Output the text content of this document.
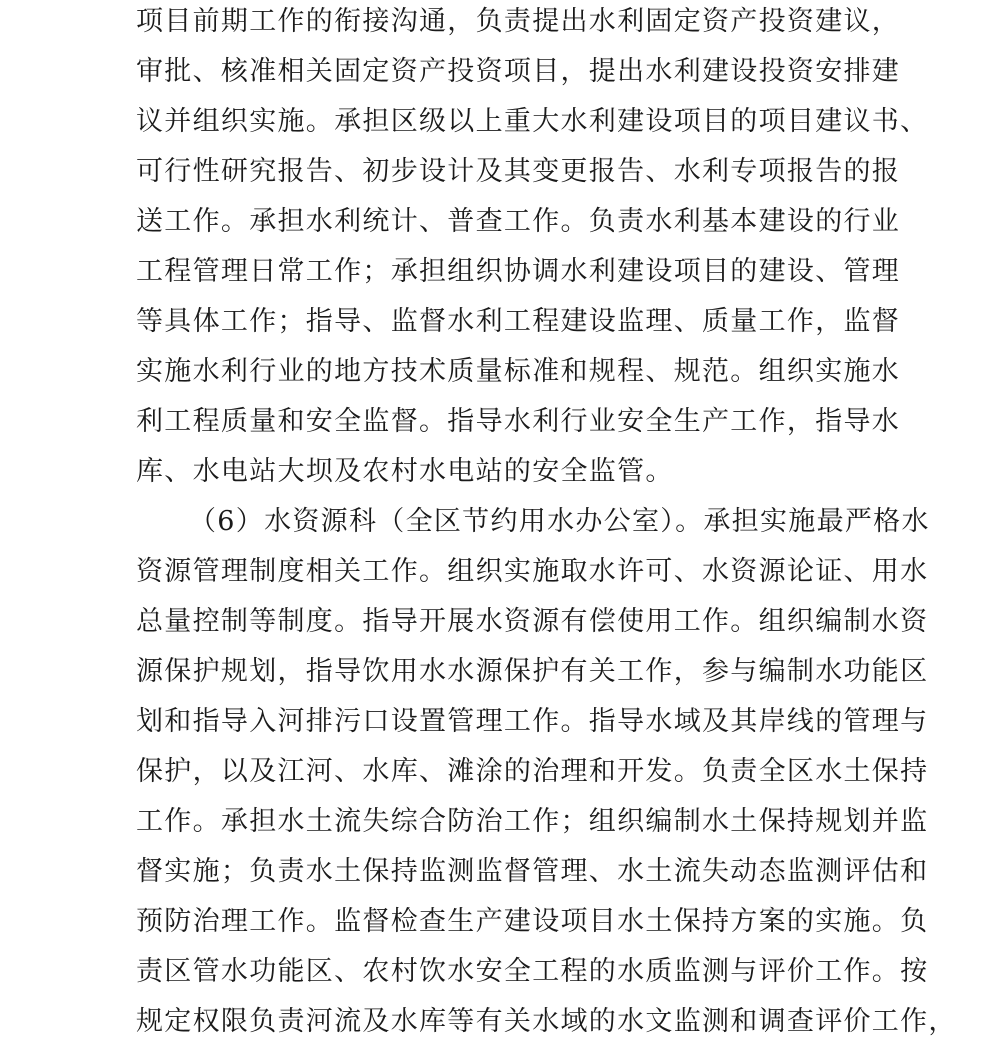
项目前期工作的衔接沟通，负责提出水利固定资产投资建议，
审批、核准相关固定资产投资项目，提出水利建设投资安排建
议并组织实施。承担区级以上重大水利建设项目的项目建议书、
可行性研究报告、初步设计及其变更报告、水利专项报告的报
送工作。承担水利统计、普查工作。负责水利基本建设的行业
工程管理日常工作；承担组织协调水利建设项目的建设、管理
等具体工作；指导、监督水利工程建设监理、质量工作，监督
实施水利行业的地方技术质量标准和规程、规范。组织实施水
利工程质量和安全监督。指导水利行业安全生产工作，指导水
库、水电站大坝及农村水电站的安全监管。
（6）水资源科（全区节约用水办公室）。承担实施最严格水
资源管理制度相关工作。组织实施取水许可、水资源论证、用水
总量控制等制度。指导开展水资源有偿使用工作。组织编制水资
源保护规划，指导饮用水水源保护有关工作，参与编制水功能区
划和指导入河排污口设置管理工作。指导水域及其岸线的管理与
保护，以及江河、水库、滩涂的治理和开发。负责全区水土保持
工作。承担水土流失综合防治工作；组织编制水土保持规划并监
督实施；负责水土保持监测监督管理、水土流失动态监测评估和
预防治理工作。监督检查生产建设项目水土保持方案的实施。负
责区管水功能区、农村饮水安全工程的水质监测与评价工作。按
规定权限负责河流及水库等有关水域的水文监测和调查评价工作，
